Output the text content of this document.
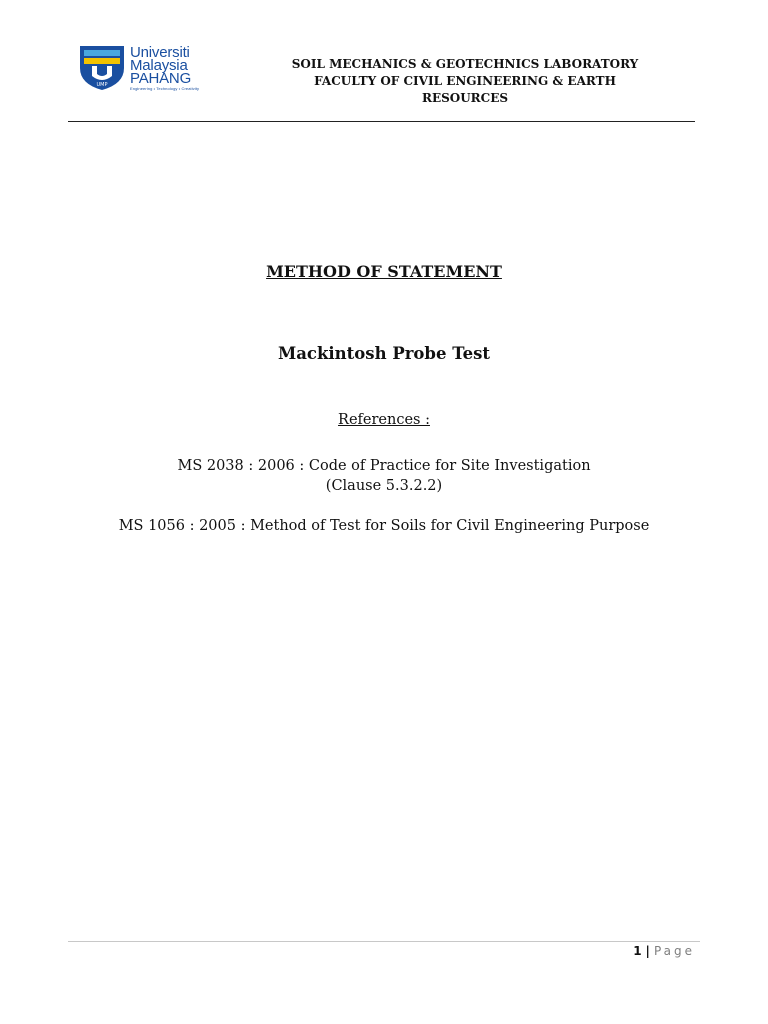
UMP
Universiti
Malaysia
PAHANG
Engineering • Technology • Creativity
SOIL MECHANICS & GEOTECHNICS LABORATORY
FACULTY OF CIVIL ENGINEERING & EARTH RESOURCES
METHOD OF STATEMENT
Mackintosh Probe Test
References :
MS 2038 : 2006 : Code of Practice for Site Investigation
(Clause 5.3.2.2)
MS 1056 : 2005 : Method of Test for Soils for Civil Engineering Purpose
1 | Page
